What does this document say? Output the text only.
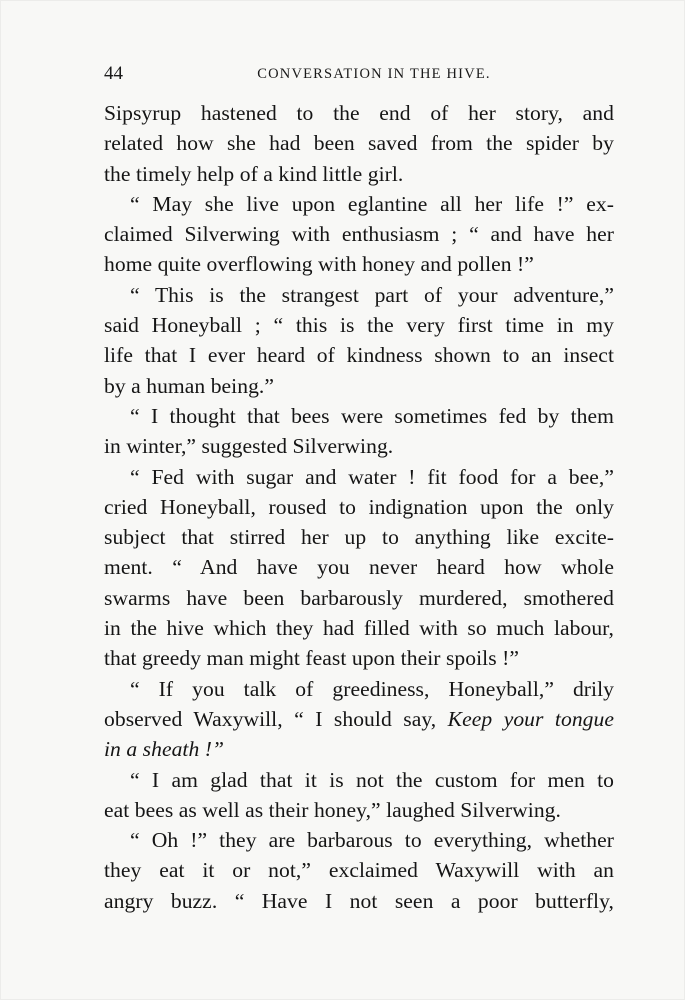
44	CONVERSATION IN THE HIVE.
Sipsyrup hastened to the end of her story, and
related how she had been saved from the spider by
the timely help of a kind little girl.
“ May she live upon eglantine all her life !” ex-
claimed Silverwing with enthusiasm ; “ and have her
home quite overflowing with honey and pollen !”
“ This is the strangest part of your adventure,”
said Honeyball ; “ this is the very first time in my
life that I ever heard of kindness shown to an insect
by a human being.”
“ I thought that bees were sometimes fed by them
in winter,” suggested Silverwing.
“ Fed with sugar and water ! fit food for a bee,”
cried Honeyball, roused to indignation upon the only
subject that stirred her up to anything like excite-
ment. “ And have you never heard how whole
swarms have been barbarously murdered, smothered
in the hive which they had filled with so much labour,
that greedy man might feast upon their spoils !”
“ If you talk of greediness, Honeyball,” drily
observed Waxywill, “ I should say, Keep your tongue
in a sheath !”
“ I am glad that it is not the custom for men to
eat bees as well as their honey,” laughed Silverwing.
“ Oh !” they are barbarous to everything, whether
they eat it or not,” exclaimed Waxywill with an
angry buzz. “ Have I not seen a poor butterfly,
